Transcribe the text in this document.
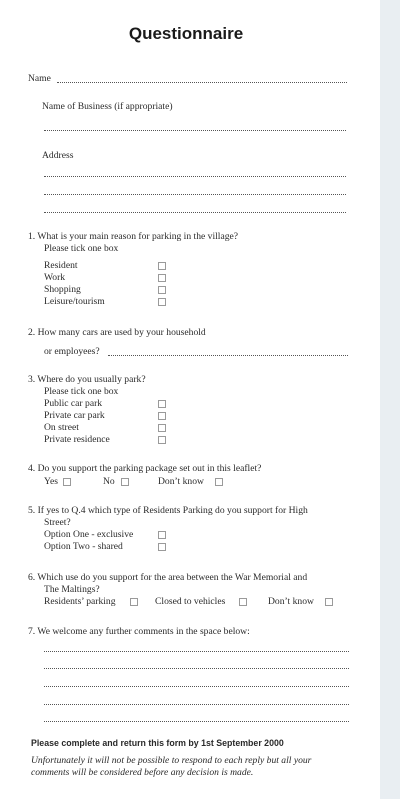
Questionnaire
Name
Name of Business (if appropriate)
Address
1. What is your main reason for parking in the village?
Please tick one box
Resident
Work
Shopping
Leisure/tourism
2. How many cars are used by your household
or employees?
3. Where do you usually park?
Please tick one box
Public car park
Private car park
On street
Private residence
4. Do you support the parking package set out in this leaflet?
Yes	No	Don’t know
5. If yes to Q.4 which type of Residents Parking do you support for High
Street?
Option One - exclusive
Option Two - shared
6. Which use do you support for the area between the War Memorial and
The Maltings?
Residents’ parking	Closed to vehicles	Don’t know
7. We welcome any further comments in the space below:
Please complete and return this form by 1st September 2000
Unfortunately it will not be possible to respond to each reply but all your
comments will be considered before any decision is made.
